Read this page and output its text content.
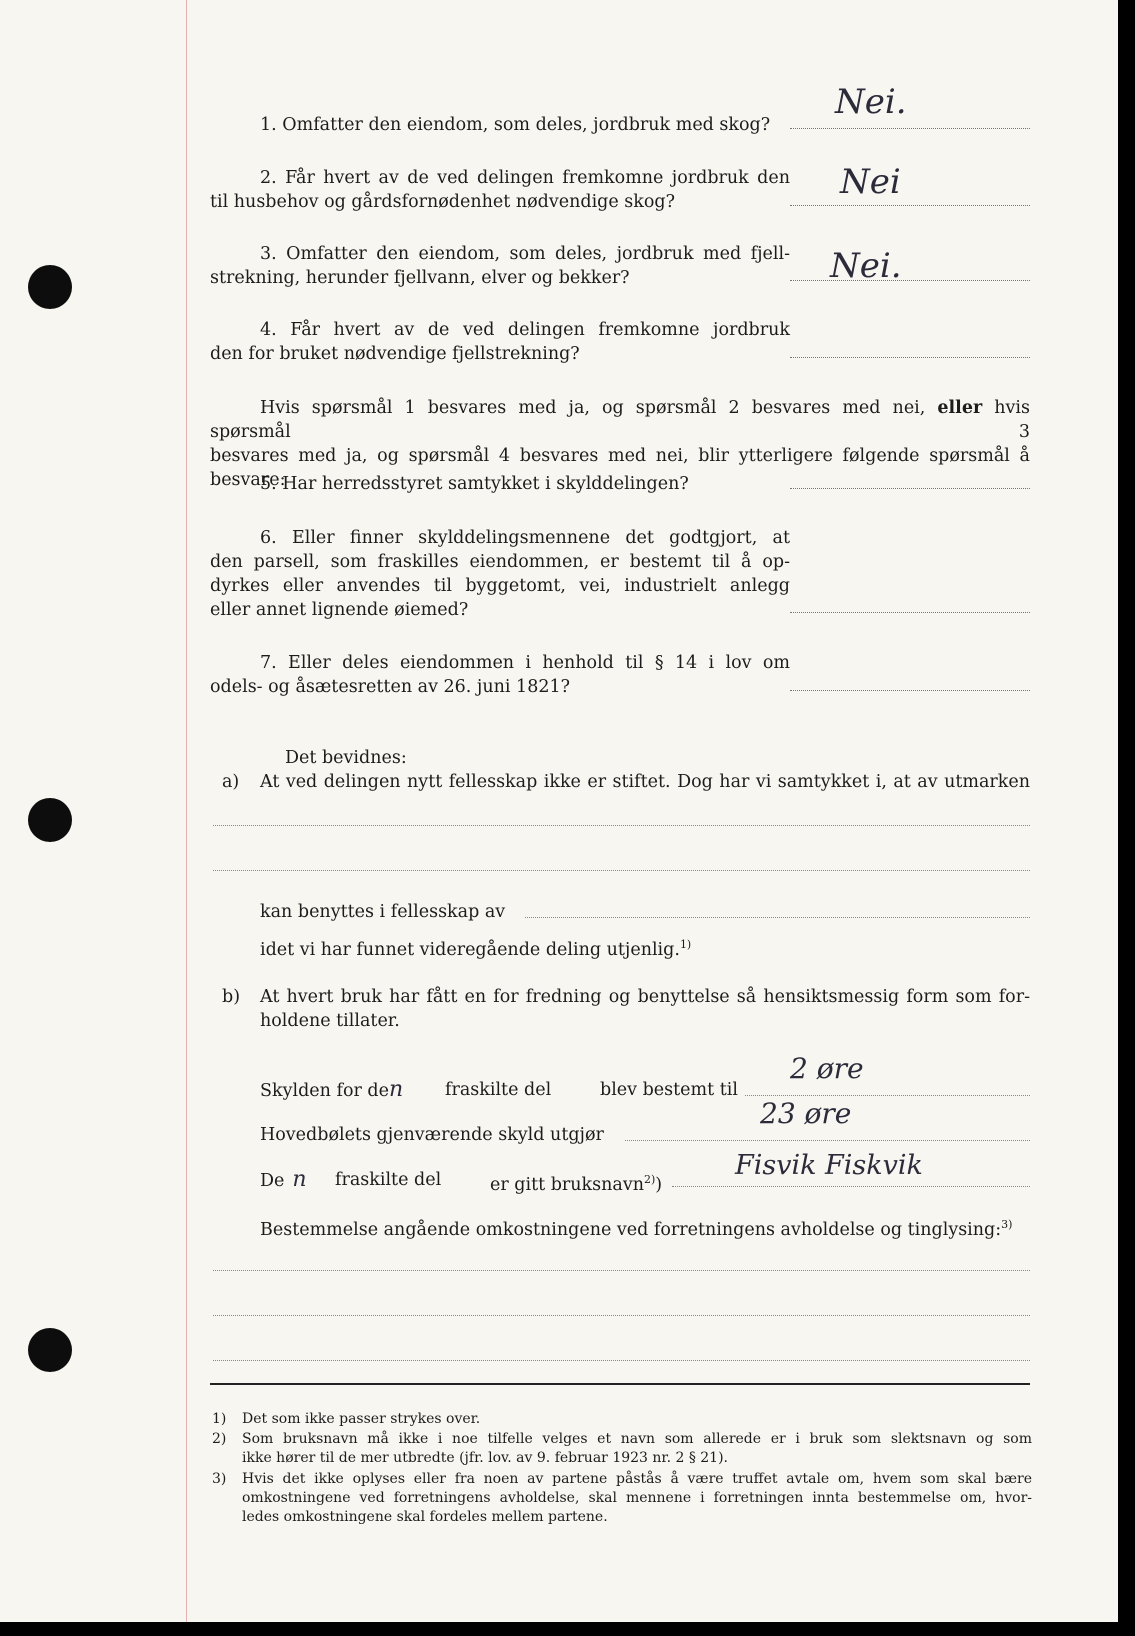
1. Omfatter den eiendom, som deles, jordbruk med skog?
Nei.
2. Får hvert av de ved delingen fremkomne jordbruk den
til husbehov og gårdsfornødenhet nødvendige skog?	Nei
3. Omfatter den eiendom, som deles, jordbruk med fjell-
strekning, herunder fjellvann, elver og bekker?	Nei.
4. Får hvert av de ved delingen fremkomne jordbruk
den for bruket nødvendige fjellstrekning?
Hvis spørsmål 1 besvares med ja, og spørsmål 2 besvares med nei, eller hvis spørsmål 3
besvares med ja, og spørsmål 4 besvares med nei, blir ytterligere følgende spørsmål å besvare:
5. Har herredsstyret samtykket i skylddelingen?
6. Eller finner skylddelingsmennene det godtgjort, at
den parsell, som fraskilles eiendommen, er bestemt til å op-
dyrkes eller anvendes til byggetomt, vei, industrielt anlegg
eller annet lignende øiemed?
7. Eller deles eiendommen i henhold til § 14 i lov om
odels- og åsætesretten av 26. juni 1821?
Det bevidnes:
a) At ved delingen nytt fellesskap ikke er stiftet. Dog har vi samtykket i, at av utmarken
kan benyttes i fellesskap av
idet vi har funnet videregående deling utjenlig.$^{1)}$
b) At hvert bruk har fått en for fredning og benyttelse så hensiktsmessig form som for-
holdene tillater.
Skylden for den fraskilte del	blev bestemt til
2 øre
Hovedbølets gjenværende skyld utgjør
23 øre
De n fraskilte del	er gitt bruksnavn$^{2)}$)
Fisvik Fiskvik
Bestemmelse angående omkostningene ved forretningens avholdelse og tinglysing:$^{3)}$
1) Det som ikke passer strykes over.
2) Som bruksnavn må ikke i noe tilfelle velges et navn som allerede er i bruk som slektsnavn og som
ikke hører til de mer utbredte (jfr. lov. av 9. februar 1923 nr. 2 § 21).
3) Hvis det ikke oplyses eller fra noen av partene påstås å være truffet avtale om, hvem som skal bære
omkostningene ved forretningens avholdelse, skal mennene i forretningen innta bestemmelse om, hvor-
ledes omkostningene skal fordeles mellem partene.
